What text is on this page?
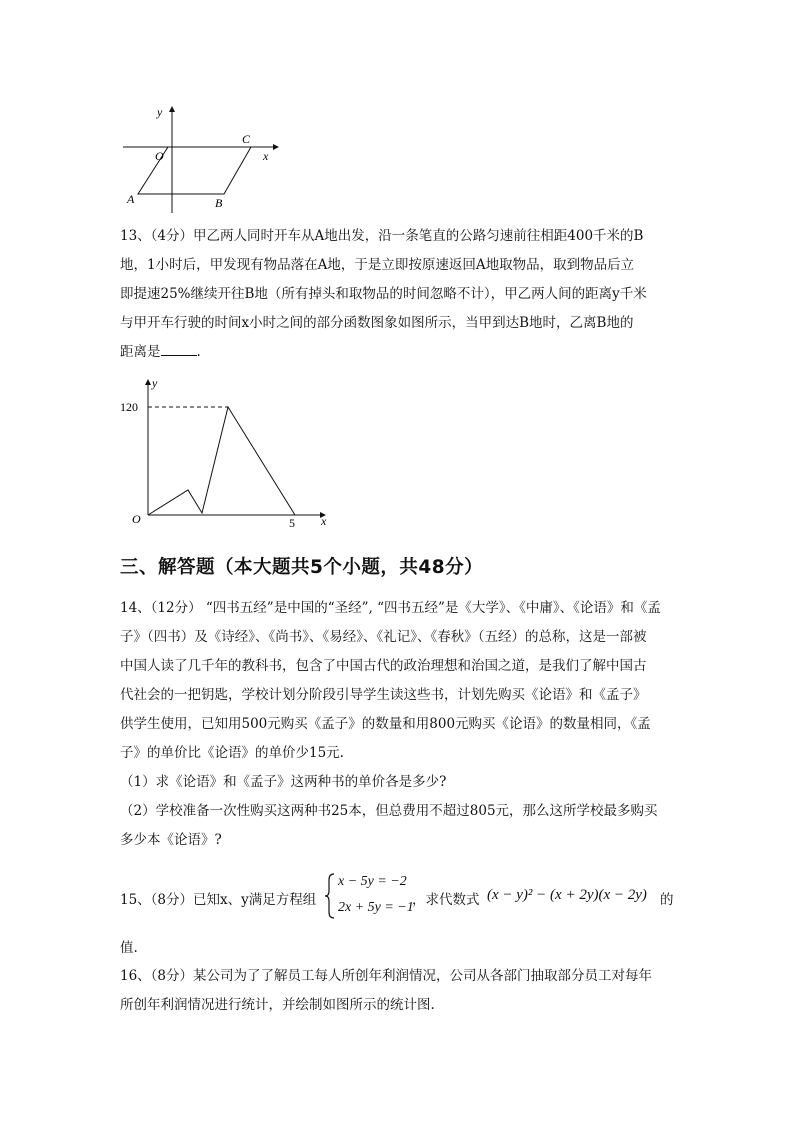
y
x
O
C
A	B
13、（4分）甲乙两人同时开车从A地出发，沿一条笔直的公路匀速前往相距400千米的B
地，1小时后，甲发现有物品落在A地，于是立即按原速返回A地取物品，取到物品后立
即提速25%继续开往B地（所有掉头和取物品的时间忽略不计），甲乙两人间的距离y千米
与甲开车行驶的时间x小时之间的部分函数图象如图所示，当甲到达B地时，乙离B地的
距离是	.
y
x
O
120
5
三、解答题（本大题共5个小题，共48分）
14、（12分） “四书五经”是中国的“圣经”, “四书五经”是《大学》、《中庸》、《论语》和《孟
子》（四书）及《诗经》、《尚书》、《易经》、《礼记》、《春秋》（五经）的总称，这是一部被
中国人读了几千年的教科书，包含了中国古代的政治理想和治国之道，是我们了解中国古
代社会的一把钥匙，学校计划分阶段引导学生读这些书，计划先购买《论语》和《孟子》
供学生使用，已知用500元购买《孟子》的数量和用800元购买《论语》的数量相同，《孟
子》的单价比《论语》的单价少15元.
（1）求《论语》和《孟子》这两种书的单价各是多少?
（2）学校准备一次性购买这两种书25本，但总费用不超过805元，那么这所学校最多购买
多少本《论语》?
15、（8分）已知x、y满足方程组
x − 5y = −2
2x + 5y = −1
，求代数式 (x − y)² − (x + 2y)(x − 2y) 的
值.
16、（8分）某公司为了了解员工每人所创年利润情况，公司从各部门抽取部分员工对每年
所创年利润情况进行统计，并绘制如图所示的统计图.
